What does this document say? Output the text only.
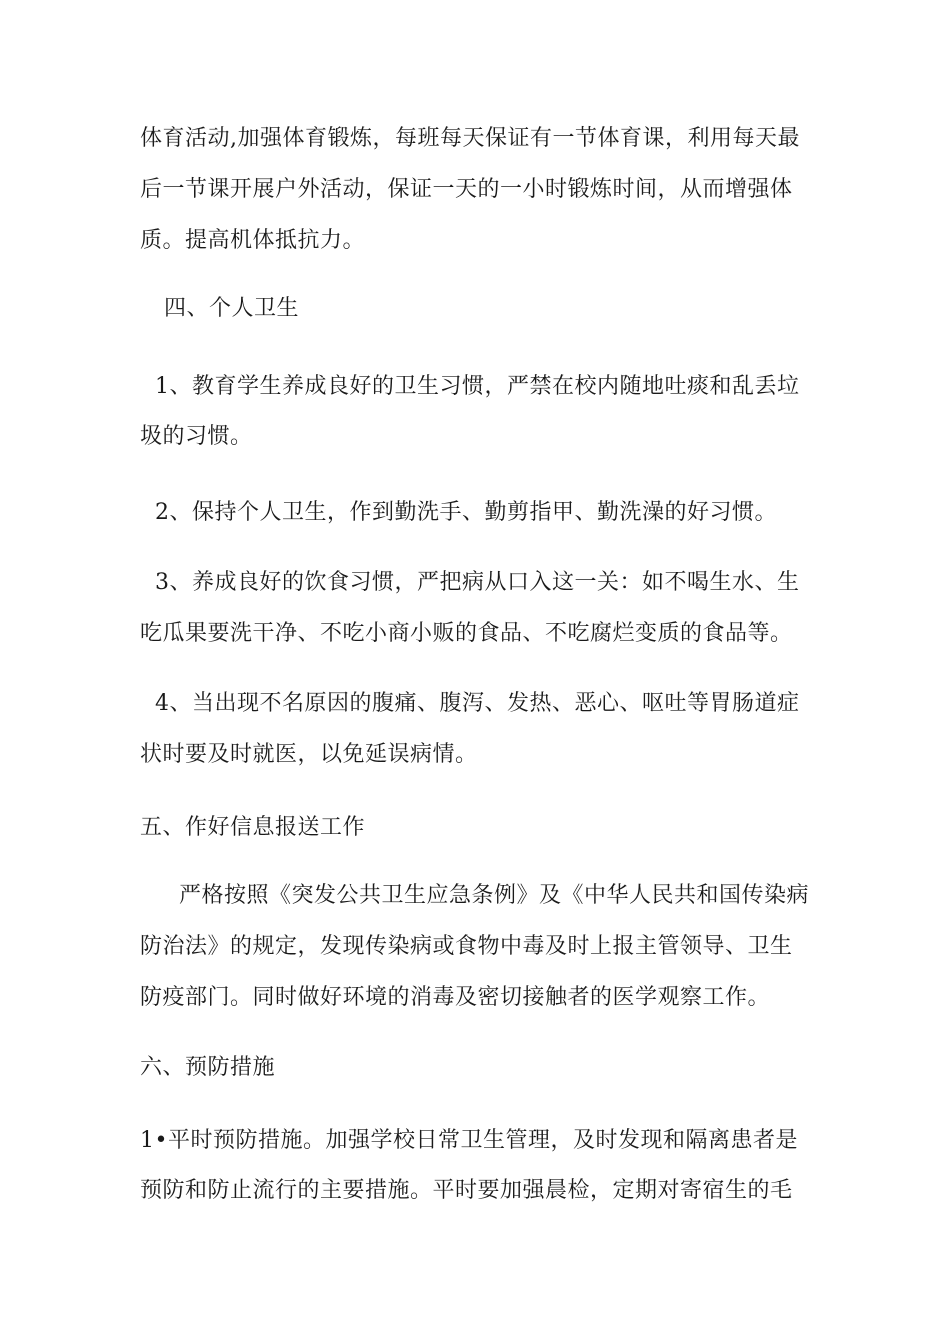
体育活动,加强体育锻炼，每班每天保证有一节体育课，利用每天最
后一节课开展户外活动，保证一天的一小时锻炼时间，从而增强体
质。提高机体抵抗力。
四、个人卫生
1、教育学生养成良好的卫生习惯，严禁在校内随地吐痰和乱丢垃
圾的习惯。
2、保持个人卫生，作到勤洗手、勤剪指甲、勤洗澡的好习惯。
3、养成良好的饮食习惯，严把病从口入这一关：如不喝生水、生
吃瓜果要洗干净、不吃小商小贩的食品、不吃腐烂变质的食品等。
4、当出现不名原因的腹痛、腹泻、发热、恶心、呕吐等胃肠道症
状时要及时就医，以免延误病情。
五、作好信息报送工作
严格按照《突发公共卫生应急条例》及《中华人民共和国传染病
防治法》的规定，发现传染病或食物中毒及时上报主管领导、卫生
防疫部门。同时做好环境的消毒及密切接触者的医学观察工作。
六、预防措施
1•平时预防措施。加强学校日常卫生管理，及时发现和隔离患者是
预防和防止流行的主要措施。平时要加强晨检，定期对寄宿生的毛
